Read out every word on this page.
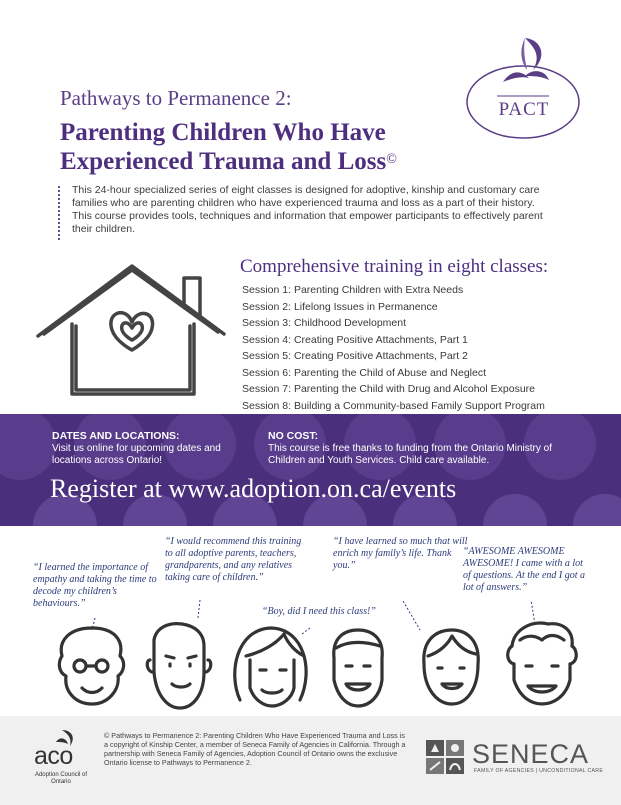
PACT
Pathways to Permanence 2:
Parenting Children Who Have Experienced Trauma and Loss©
This 24-hour specialized series of eight classes is designed for adoptive, kinship and customary care families who are parenting children who have experienced trauma and loss as a part of their history. This course provides tools, techniques and information that empower participants to effectively parent their children.
Comprehensive training in eight classes:
Session 1: Parenting Children with Extra Needs
Session 2: Lifelong Issues in Permanence
Session 3: Childhood Development
Session 4: Creating Positive Attachments, Part 1
Session 5: Creating Positive Attachments, Part 2
Session 6: Parenting the Child of Abuse and Neglect
Session 7: Parenting the Child with Drug and Alcohol Exposure
Session 8: Building a Community-based Family Support Program
DATES AND LOCATIONS:
Visit us online for upcoming dates and locations across Ontario!
NO COST:
This course is free thanks to funding from the Ontario Ministry of Children and Youth Services. Child care available.
Register at www.adoption.on.ca/events
“I learned the importance of empathy and taking the time to decode my children’s behaviours.”
“I would recommend this training to all adoptive parents, teachers, grandparents, and any relatives taking care of children.”
“Boy, did I need this class!”
“I have learned so much that will enrich my family’s life. Thank you.”
“AWESOME AWESOME AWESOME! I came with a lot of questions. At the end I got a lot of answers.”
aco
Adoption Council of Ontario
© Pathways to Permanence 2: Parenting Children Who Have Experienced Trauma and Loss is a copyright of Kinship Center, a member of Seneca Family of Agencies in California. Through a partnership with Seneca Family of Agencies, Adoption Council of Ontario owns the exclusive Ontario license to Pathways to Permanence 2.	SENECA
FAMILY OF AGENCIES | UNCONDITIONAL CARE
